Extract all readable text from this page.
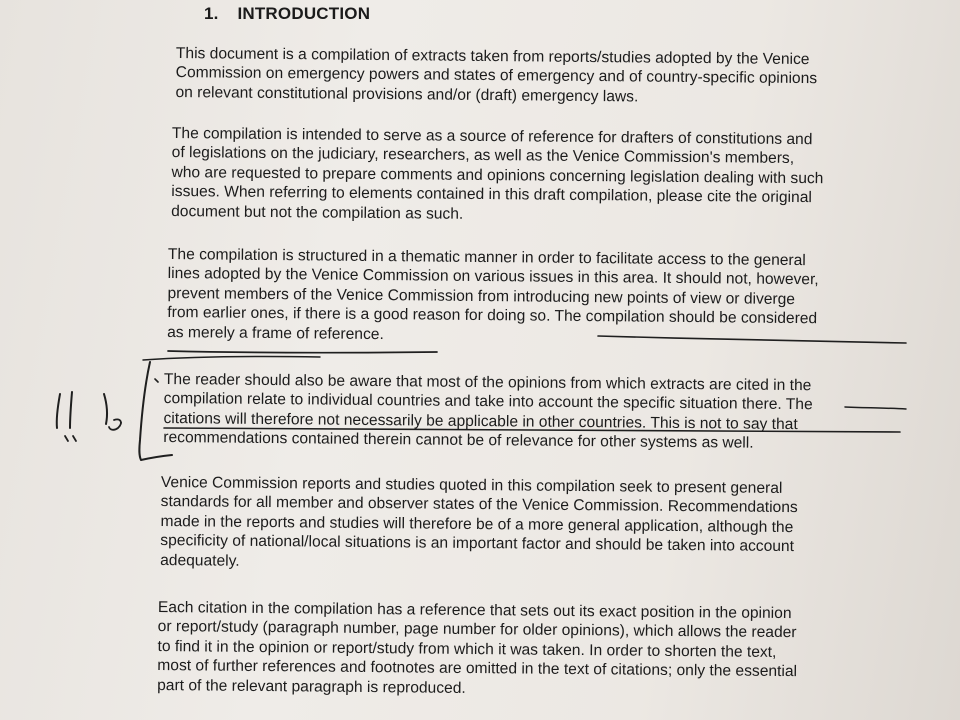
1. INTRODUCTION
This document is a compilation of extracts taken from reports/studies adopted by the Venice
Commission on emergency powers and states of emergency and of country-specific opinions
on relevant constitutional provisions and/or (draft) emergency laws.
The compilation is intended to serve as a source of reference for drafters of constitutions and
of legislations on the judiciary, researchers, as well as the Venice Commission's members,
who are requested to prepare comments and opinions concerning legislation dealing with such
issues. When referring to elements contained in this draft compilation, please cite the original
document but not the compilation as such.
The compilation is structured in a thematic manner in order to facilitate access to the general
lines adopted by the Venice Commission on various issues in this area. It should not, however,
prevent members of the Venice Commission from introducing new points of view or diverge
from earlier ones, if there is a good reason for doing so. The compilation should be considered
as merely a frame of reference.
The reader should also be aware that most of the opinions from which extracts are cited in the
compilation relate to individual countries and take into account the specific situation there. The
citations will therefore not necessarily be applicable in other countries. This is not to say that
recommendations contained therein cannot be of relevance for other systems as well.
Venice Commission reports and studies quoted in this compilation seek to present general
standards for all member and observer states of the Venice Commission. Recommendations
made in the reports and studies will therefore be of a more general application, although the
specificity of national/local situations is an important factor and should be taken into account
adequately.
Each citation in the compilation has a reference that sets out its exact position in the opinion
or report/study (paragraph number, page number for older opinions), which allows the reader
to find it in the opinion or report/study from which it was taken. In order to shorten the text,
most of further references and footnotes are omitted in the text of citations; only the essential
part of the relevant paragraph is reproduced.
